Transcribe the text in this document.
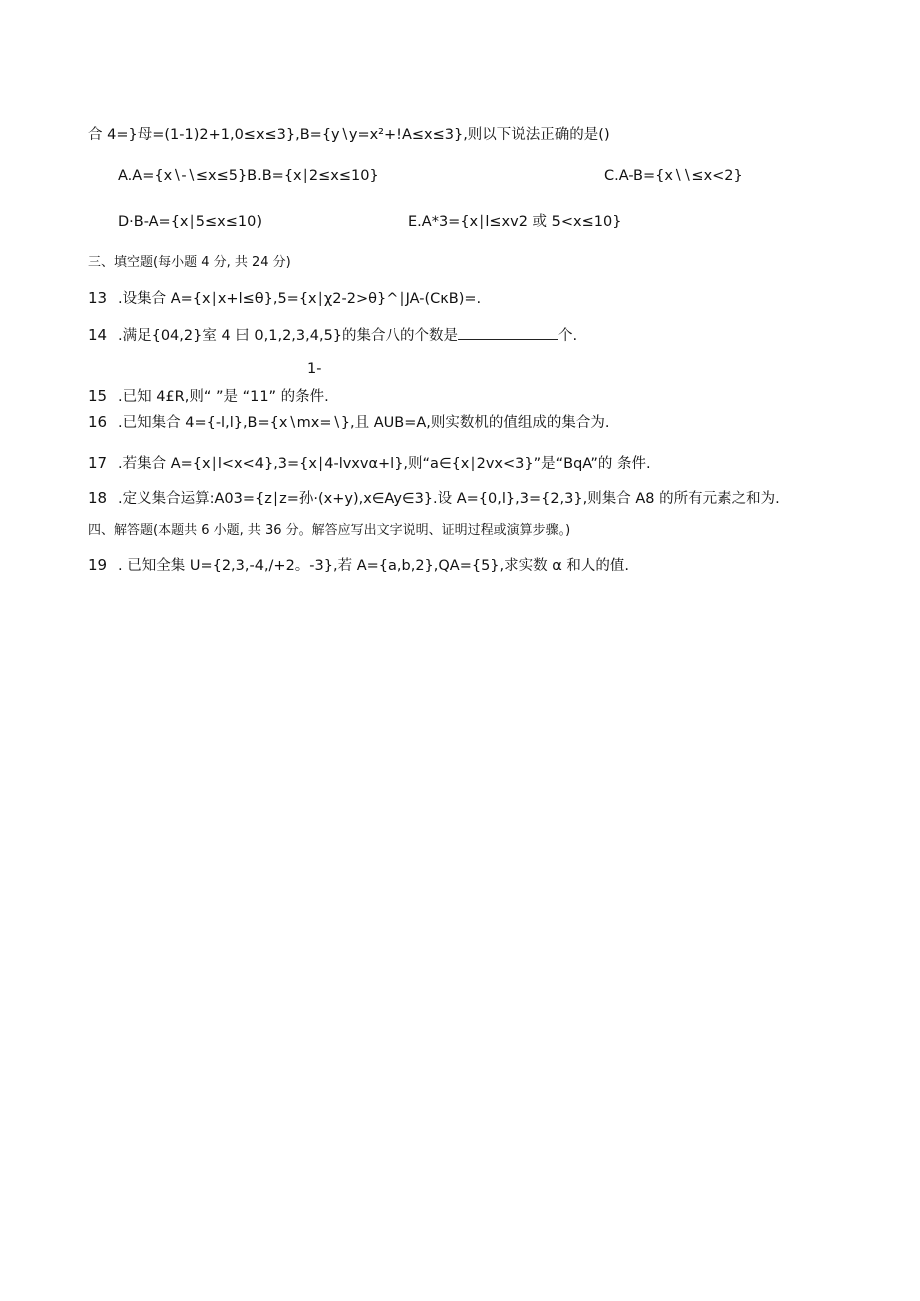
合 4=}母=(1-1)2+1,0≤x≤3},B={y∖y=x²+!A≤x≤3},则以下说法正确的是()
A.A={x∖-∖≤x≤5}B.B={x∣2≤x≤10}	C.A-B={x∖∖≤x<2}
D·B-A={x∣5≤x≤10)	E.A*3={x∣l≤xv2 或 5<x≤10}
三、填空题(每小题 4 分, 共 24 分)
13 .设集合 A={x∣x+l≤θ},5={x∣χ2-2>θ}^∣JA-(CκB)=.
14 .满足{04,2}室 4 曰 0,1,2,3,4,5}的集合八的个数是	个.
1-
15 .已知 4£R,则“ ”是 “11” 的条件.
16 .已知集合 4={-l,l},B={x∖mx=∖},且 AUB=A,则实数机的值组成的集合为.
17 .若集合 A={x∣l<x<4},3={x∣4-lvxvα+l},则“a∈{x∣2vx<3}”是“BqA”的 条件.
18 .定义集合运算:A03={z∣z=孙·(x+y),x∈Ay∈3}.设 A={0,l},3={2,3},则集合 A8 的所有元素之和为.
四、解答题(本题共 6 小题, 共 36 分。解答应写出文字说明、证明过程或演算步骤。)
19 . 已知全集 U={2,3,-4,/+2。-3},若 A={a,b,2},QA={5},求实数 α 和人的值.
